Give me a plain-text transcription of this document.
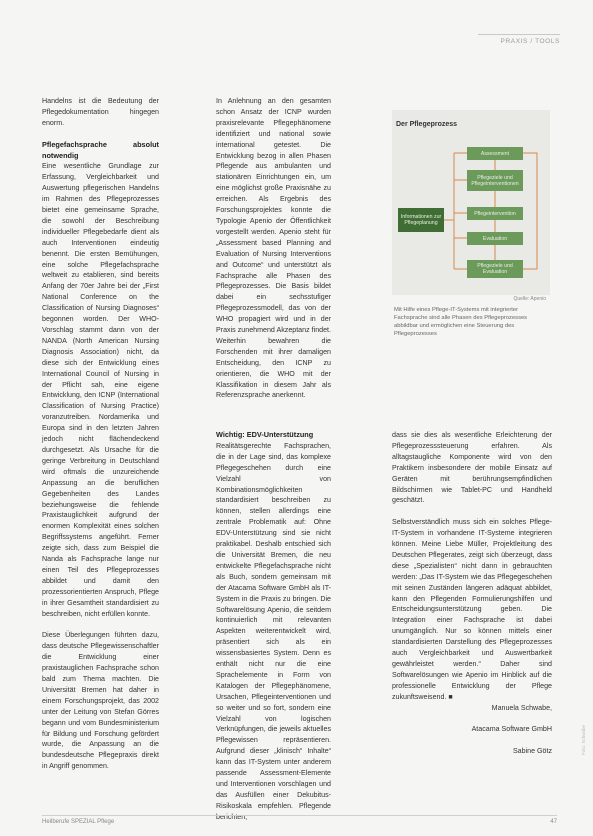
PRAXIS / TOOLS

Handelns ist die Bedeutung der Pflegedokumentation hingegen enorm.

Pflegefachsprache absolut notwendig

Eine wesentliche Grundlage zur Erfassung, Vergleichbarkeit und Auswertung pflegerischen Handelns im Rahmen des Pflegeprozesses bietet eine gemeinsame Sprache, die sowohl der Beschreibung individueller Pflegebedarfe dient als auch Interventionen eindeutig benennt. Die ersten Bemühungen, eine solche Pflegefachsprache weltweit zu etablieren, sind bereits Anfang der 70er Jahre bei der „First National Conference on the Classification of Nursing Diagnoses“ begonnen worden. Der WHO-Vorschlag stammt dann von der NANDA (North American Nursing Diagnosis Association) nicht, da diese sich der Entwicklung eines International Council of Nursing in der Pflicht sah, eine eigene Entwicklung, den ICNP (International Classification of Nursing Practice) voranzutreiben. Nordamerika und Europa sind in den letzten Jahren jedoch nicht flächendeckend durchgesetzt. Als Ursache für die geringe Verbreitung in Deutschland wird oftmals die unzureichende Anpassung an die beruflichen Gegebenheiten des Landes beziehungsweise die fehlende Praxistauglichkeit aufgrund der enormen Komplexität eines solchen Begriffssystems angeführt. Ferner zeigte sich, dass zum Beispiel die Nanda als Fachsprache lange nur einen Teil des Pflegeprozesses abbildet und damit den prozessorientierten Anspruch, Pflege in ihrer Gesamtheit standardisiert zu beschreiben, nicht erfüllen konnte.

Diese Überlegungen führten dazu, dass deutsche Pflegewissenschaftler die Entwicklung einer praxistauglichen Fachsprache schon bald zum Thema machten. Die Universität Bremen hat daher in einem Forschungsprojekt, das 2002 unter der Leitung von Stefan Görres begann und vom Bundesministerium für Bildung und Forschung gefördert wurde, die Anpassung an die bundesdeutsche Pflegepraxis direkt in Angriff genommen.

In Anlehnung an den gesamten schon Ansatz der ICNP wurden praxisrelevante Pflegephänomene identifiziert und national sowie international getestet. Die Entwicklung bezog in allen Phasen Pflegende aus ambulanten und stationären Einrichtungen ein, um eine möglichst große Praxisnähe zu erreichen. Als Ergebnis des Forschungsprojektes konnte die Typologie Apenio der Öffentlichkeit vorgestellt werden. Apenio steht für „Assessment based Planning and Evaluation of Nursing Interventions and Outcome“ und unterstützt als Fachsprache alle Phasen des Pflegeprozesses. Die Basis bildet dabei ein sechsstufiger Pflegeprozessmodell, das von der WHO propagiert wird und in der Praxis zunehmend Akzeptanz findet. Weiterhin bewahren die Forschenden mit ihrer damaligen Entscheidung, den ICNP zu orientieren, die WHO mit der Klassifikation in diesem Jahr als Referenzsprache anerkennt.

Wichtig: EDV-Unterstützung

Realitätsgerechte Fachsprachen, die in der Lage sind, das komplexe Pflegegeschehen durch eine Vielzahl von Kombinationsmöglichkeiten standardisiert beschreiben zu können, stellen allerdings eine zentrale Problematik auf: Ohne EDV-Unterstützung sind sie nicht praktikabel. Deshalb entschied sich die Universität Bremen, die neu entwickelte Pflegefachsprache nicht als Buch, sondern gemeinsam mit der Atacama Software GmbH als IT-System in die Praxis zu bringen. Die Softwarelösung Apenio, die seitdem kontinuierlich mit relevanten Aspekten weiterentwickelt wird, präsentiert sich als ein wissensbasiertes System. Denn es enthält nicht nur die eine Sprachelemente in Form von Katalogen der Pflegephänomene, Ursachen, Pflegeinterventionen und so weiter und so fort, sondern eine Vielzahl von logischen Verknüpfungen, die jeweils aktuelles Pflegewissen repräsentieren. Aufgrund dieser „klinisch“ Inhalte“ kann das IT-System unter anderem passende Assessment-Elemente und Interventionen vorschlagen und das Ausfüllen einer Dekubitus-Risikoskala empfehlen. Pflegende berichten,

dass sie dies als wesentliche Erleichterung der Pflegeprozesssteuerung erfahren. Als alltagstaugliche Komponente wird von den Praktikern insbesondere der mobile Einsatz auf Geräten mit berührungsempfindlichen Bildschirmen wie Tablet-PC und Handheld geschätzt.

Selbstverständlich muss sich ein solches Pflege-IT-System in vorhandene IT-Systeme integrieren können. Meine Liebe Müller, Projektleitung des Deutschen Pflegerates, zeigt sich überzeugt, dass diese „Spezialisten“ nicht dann in gebrauchten werden: „Das IT-System wie das Pflegegeschehen mit seinen Zuständen längeren adäquat abbildet, kann den Pflegenden Formulierungshilfen und Entscheidungsunterstützung geben. Die Integration einer Fachsprache ist dabei unumgänglich. Nur so können mittels einer standardisierten Darstellung des Pflegeprozesses auch Vergleichbarkeit und Auswertbarkeit gewährleistet werden.“ Daher sind Softwarelösungen wie Apenio im Hinblick auf die professionelle Entwicklung der Pflege zukunftsweisend. ■

Manuela Schwabe,

Atacama Software GmbH

Sabine Götz

Der Pflegeprozess
Informationen zur Pflegeplanung
Assessment
Pflegeziele und Pflegeinterventionen
Pflegeintervention
Evaluation
Pflegeziele und Evaluation
Quelle: Apenio
Mit Hilfe eines Pflege-IT-Systems mit integrierter Fachsprache sind alle Phasen des Pflegeprozesses abbildbar und ermöglichen eine Steuerung des Pflegeprozesses
Foto: Schwabe
Heilberufe SPEZIAL Pflege	47
